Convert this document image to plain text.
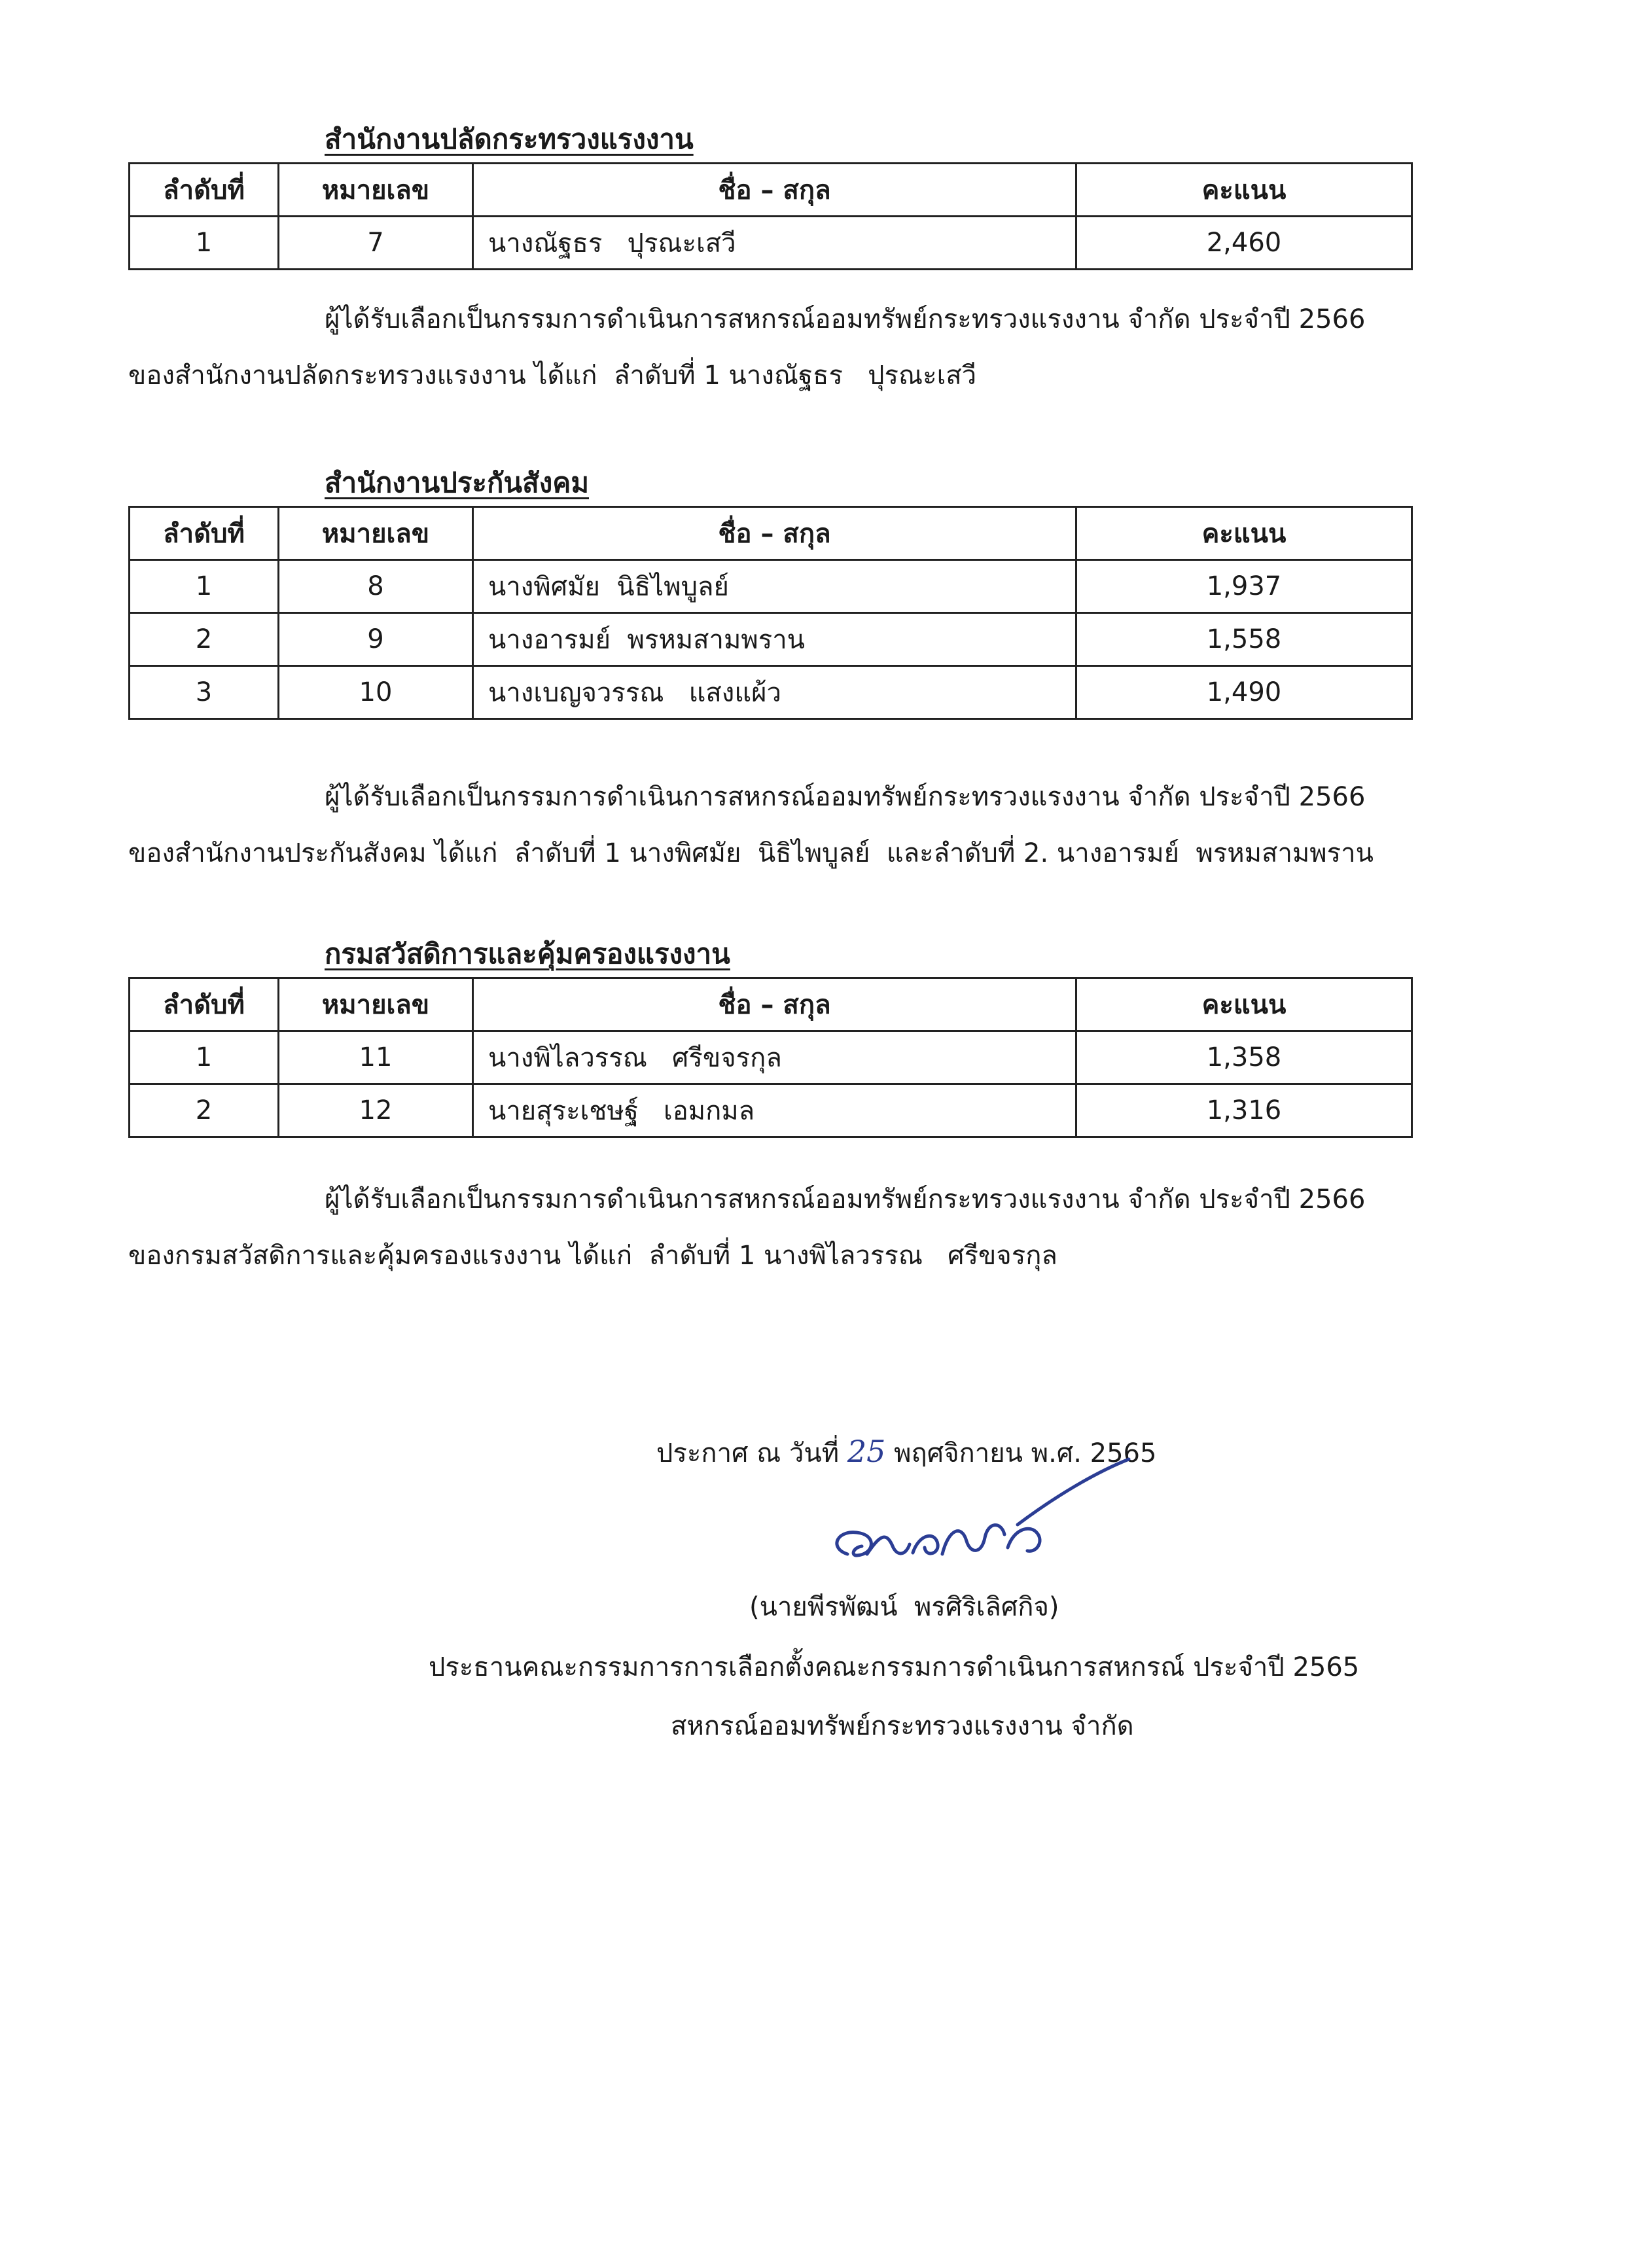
สำนักงานปลัดกระทรวงแรงงาน
ลำดับที่	หมายเลข	ชื่อ – สกุล	คะแนน
1	7	นางณัฐธร   ปุรณะเสวี	2,460
ผู้ได้รับเลือกเป็นกรรมการดำเนินการสหกรณ์ออมทรัพย์กระทรวงแรงงาน จำกัด ประจำปี 2566
ของสำนักงานปลัดกระทรวงแรงงาน ได้แก่  ลำดับที่ 1 นางณัฐธร   ปุรณะเสวี
สำนักงานประกันสังคม
ลำดับที่	หมายเลข	ชื่อ – สกุล	คะแนน
1	8	นางพิศมัย  นิธิไพบูลย์	1,937
2	9	นางอารมย์  พรหมสามพราน	1,558
3	10	นางเบญจวรรณ   แสงแผ้ว	1,490
ผู้ได้รับเลือกเป็นกรรมการดำเนินการสหกรณ์ออมทรัพย์กระทรวงแรงงาน จำกัด ประจำปี 2566
ของสำนักงานประกันสังคม ได้แก่  ลำดับที่ 1 นางพิศมัย  นิธิไพบูลย์  และลำดับที่ 2. นางอารมย์  พรหมสามพราน
กรมสวัสดิการและคุ้มครองแรงงาน
ลำดับที่	หมายเลข	ชื่อ – สกุล	คะแนน
1	11	นางพิไลวรรณ   ศรีขจรกุล	1,358
2	12	นายสุระเชษฐ์   เอมกมล	1,316
ผู้ได้รับเลือกเป็นกรรมการดำเนินการสหกรณ์ออมทรัพย์กระทรวงแรงงาน จำกัด ประจำปี 2566
ของกรมสวัสดิการและคุ้มครองแรงงาน ได้แก่  ลำดับที่ 1 นางพิไลวรรณ   ศรีขจรกุล
ประกาศ ณ วันที่ 25 พฤศจิกายน พ.ศ. 2565
(นายพีรพัฒน์  พรศิริเลิศกิจ)
ประธานคณะกรรมการการเลือกตั้งคณะกรรมการดำเนินการสหกรณ์ ประจำปี 2565
สหกรณ์ออมทรัพย์กระทรวงแรงงาน จำกัด
